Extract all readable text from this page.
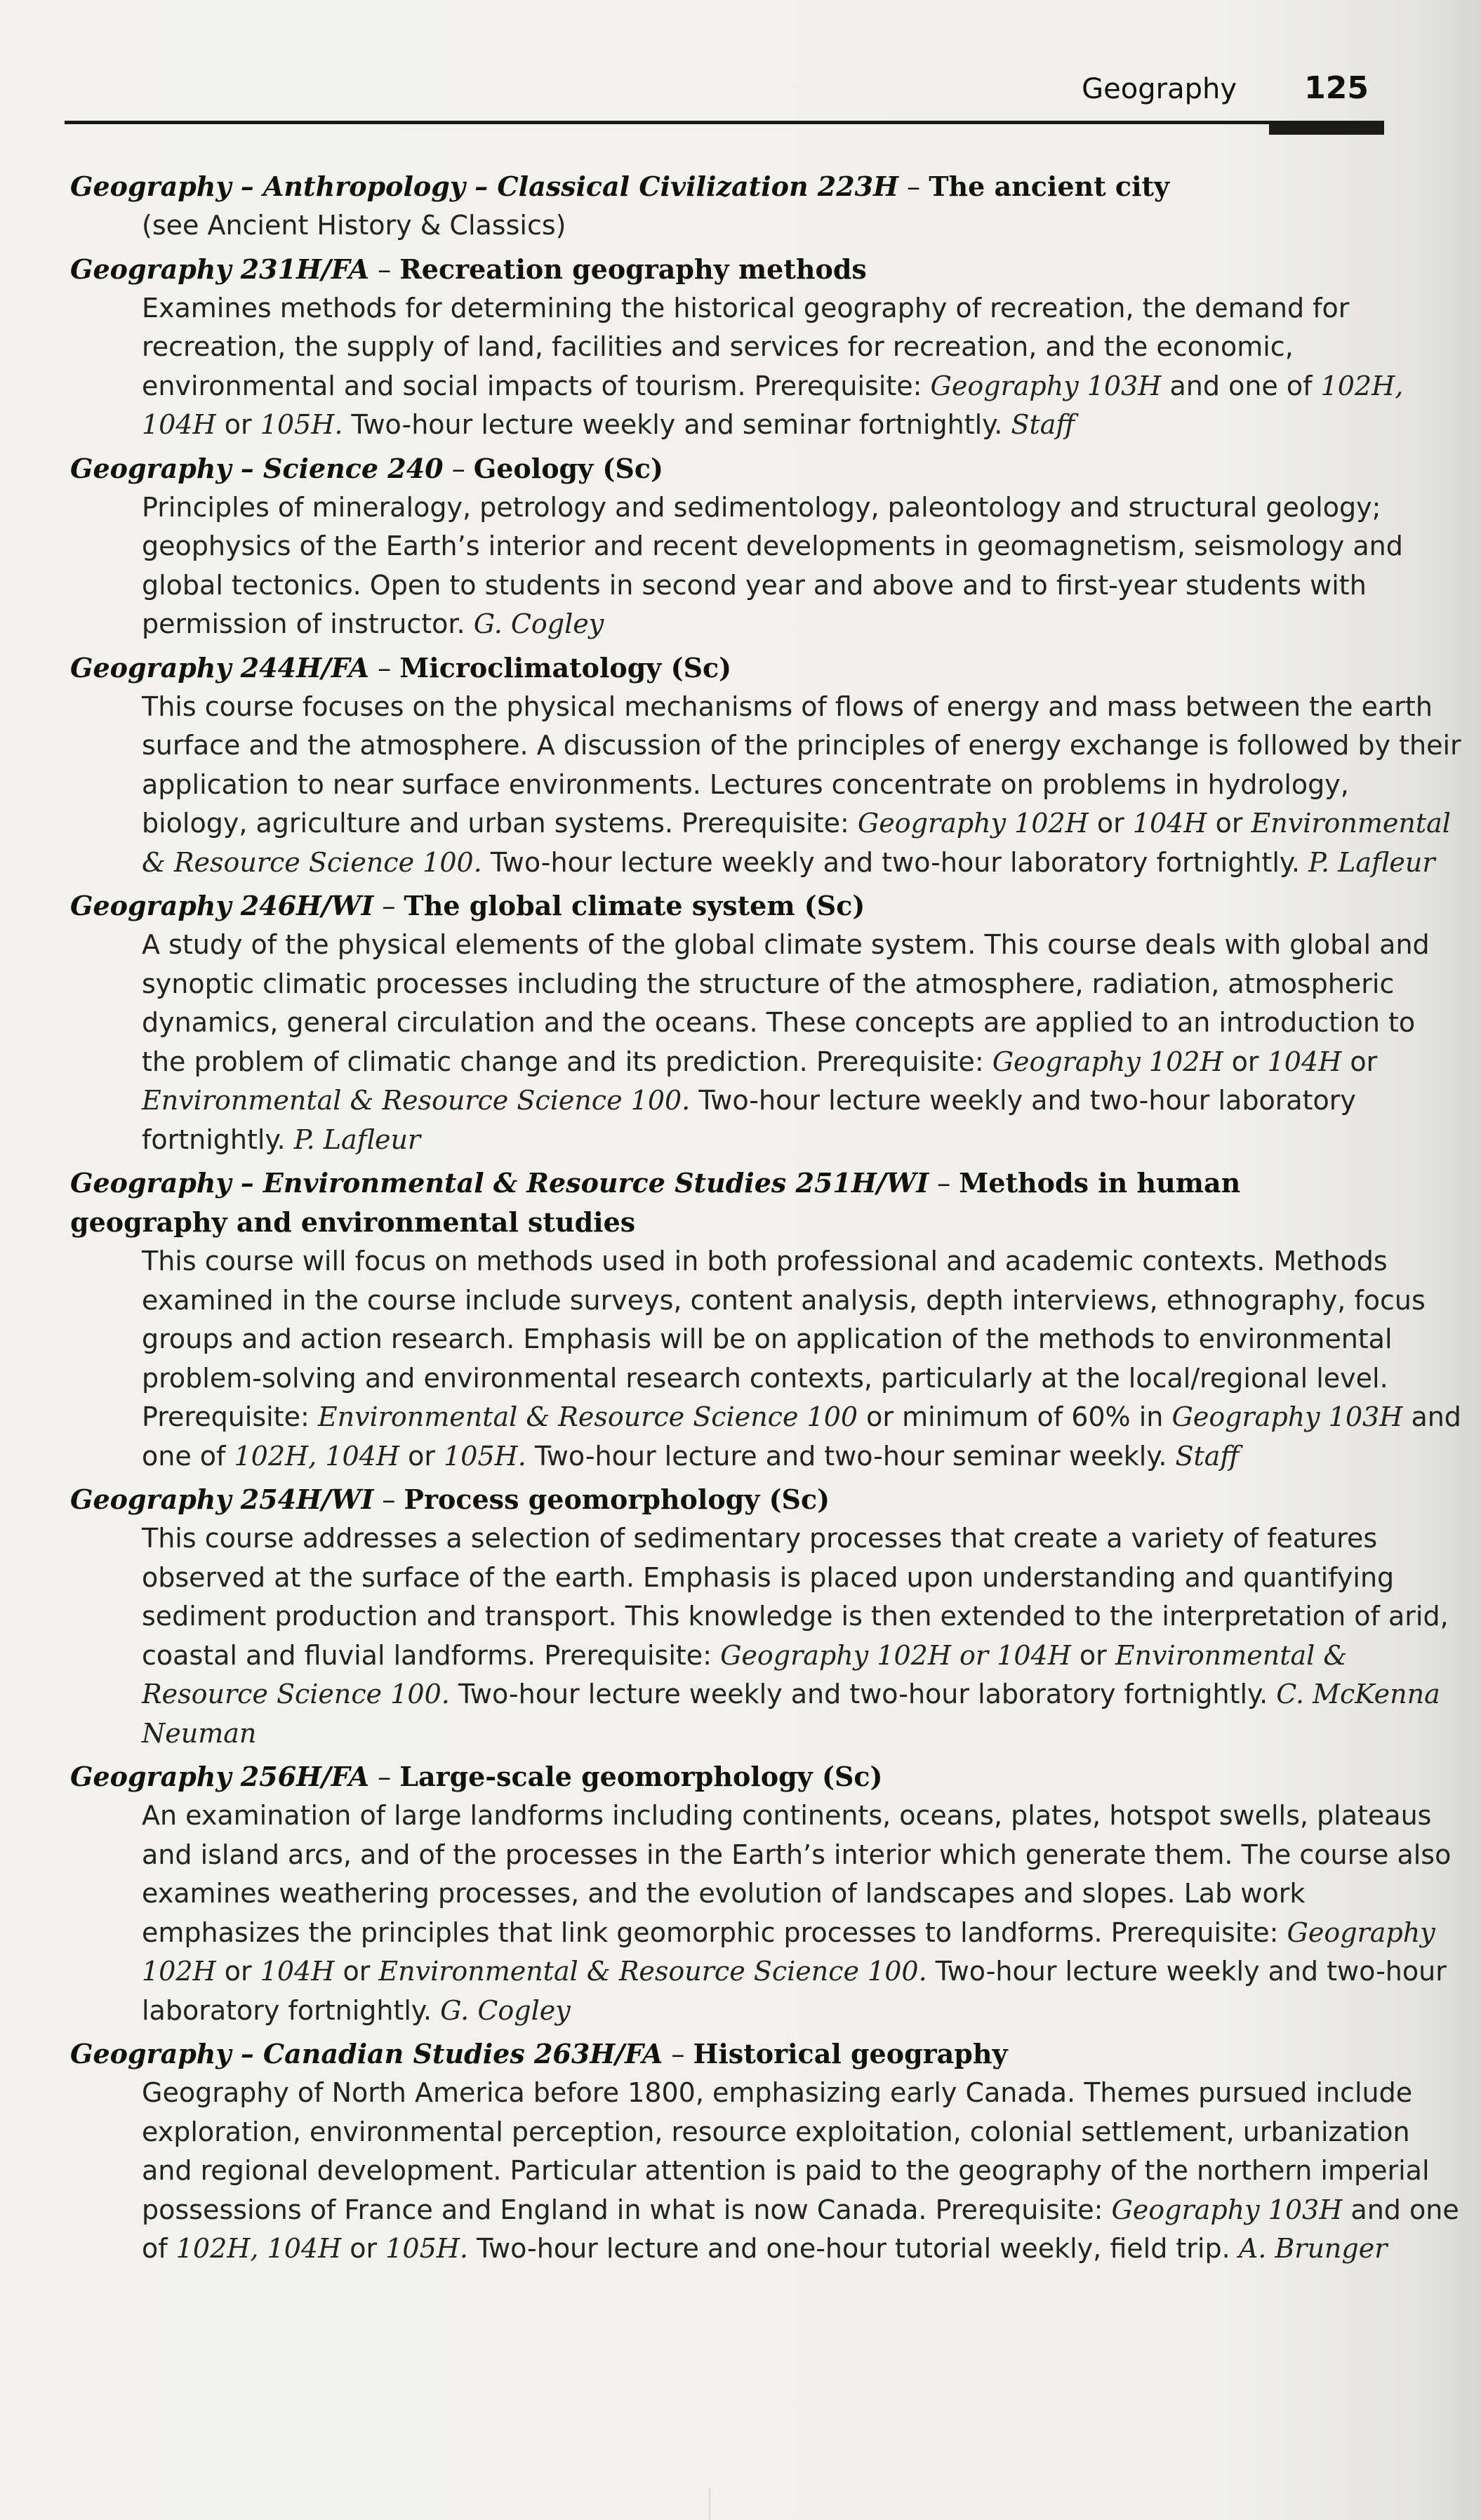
Geography 125
Geography – Anthropology – Classical Civilization 223H – The ancient city
(see Ancient History & Classics)
Geography 231H/FA – Recreation geography methods
Examines methods for determining the historical geography of recreation, the demand for recreation, the supply of land, facilities and services for recreation, and the economic, environmental and social impacts of tourism. Prerequisite: Geography 103H and one of 102H, 104H or 105H. Two-hour lecture weekly and seminar fortnightly. Staff
Geography – Science 240 – Geology (Sc)
Principles of mineralogy, petrology and sedimentology, paleontology and structural geology; geophysics of the Earth’s interior and recent developments in geomagnetism, seismology and global tectonics. Open to students in second year and above and to first-year students with permission of instructor. G. Cogley
Geography 244H/FA – Microclimatology (Sc)
This course focuses on the physical mechanisms of flows of energy and mass between the earth surface and the atmosphere. A discussion of the principles of energy exchange is followed by their application to near surface environments. Lectures concentrate on problems in hydrology, biology, agriculture and urban systems. Prerequisite: Geography 102H or 104H or Environmental & Resource Science 100. Two-hour lecture weekly and two-hour laboratory fortnightly. P. Lafleur
Geography 246H/WI – The global climate system (Sc)
A study of the physical elements of the global climate system. This course deals with global and synoptic climatic processes including the structure of the atmosphere, radiation, atmospheric dynamics, general circulation and the oceans. These concepts are applied to an introduction to the problem of climatic change and its prediction. Prerequisite: Geography 102H or 104H or Environmental & Resource Science 100. Two-hour lecture weekly and two-hour laboratory fortnightly. P. Lafleur
Geography – Environmental & Resource Studies 251H/WI – Methods in human geography and environmental studies
This course will focus on methods used in both professional and academic contexts. Methods examined in the course include surveys, content analysis, depth interviews, ethnography, focus groups and action research. Emphasis will be on application of the methods to environmental problem-solving and environmental research contexts, particularly at the local/regional level. Prerequisite: Environmental & Resource Science 100 or minimum of 60% in Geography 103H and one of 102H, 104H or 105H. Two-hour lecture and two-hour seminar weekly. Staff
Geography 254H/WI – Process geomorphology (Sc)
This course addresses a selection of sedimentary processes that create a variety of features observed at the surface of the earth. Emphasis is placed upon understanding and quantifying sediment production and transport. This knowledge is then extended to the interpretation of arid, coastal and fluvial landforms. Prerequisite: Geography 102H or 104H or Environmental & Resource Science 100. Two-hour lecture weekly and two-hour laboratory fortnightly. C. McKenna Neuman
Geography 256H/FA – Large-scale geomorphology (Sc)
An examination of large landforms including continents, oceans, plates, hotspot swells, plateaus and island arcs, and of the processes in the Earth’s interior which generate them. The course also examines weathering processes, and the evolution of landscapes and slopes. Lab work emphasizes the principles that link geomorphic processes to landforms. Prerequisite: Geography 102H or 104H or Environmental & Resource Science 100. Two-hour lecture weekly and two-hour laboratory fortnightly. G. Cogley
Geography – Canadian Studies 263H/FA – Historical geography
Geography of North America before 1800, emphasizing early Canada. Themes pursued include exploration, environmental perception, resource exploitation, colonial settlement, urbanization and regional development. Particular attention is paid to the geography of the northern imperial possessions of France and England in what is now Canada. Prerequisite: Geography 103H and one of 102H, 104H or 105H. Two-hour lecture and one-hour tutorial weekly, field trip. A. Brunger
